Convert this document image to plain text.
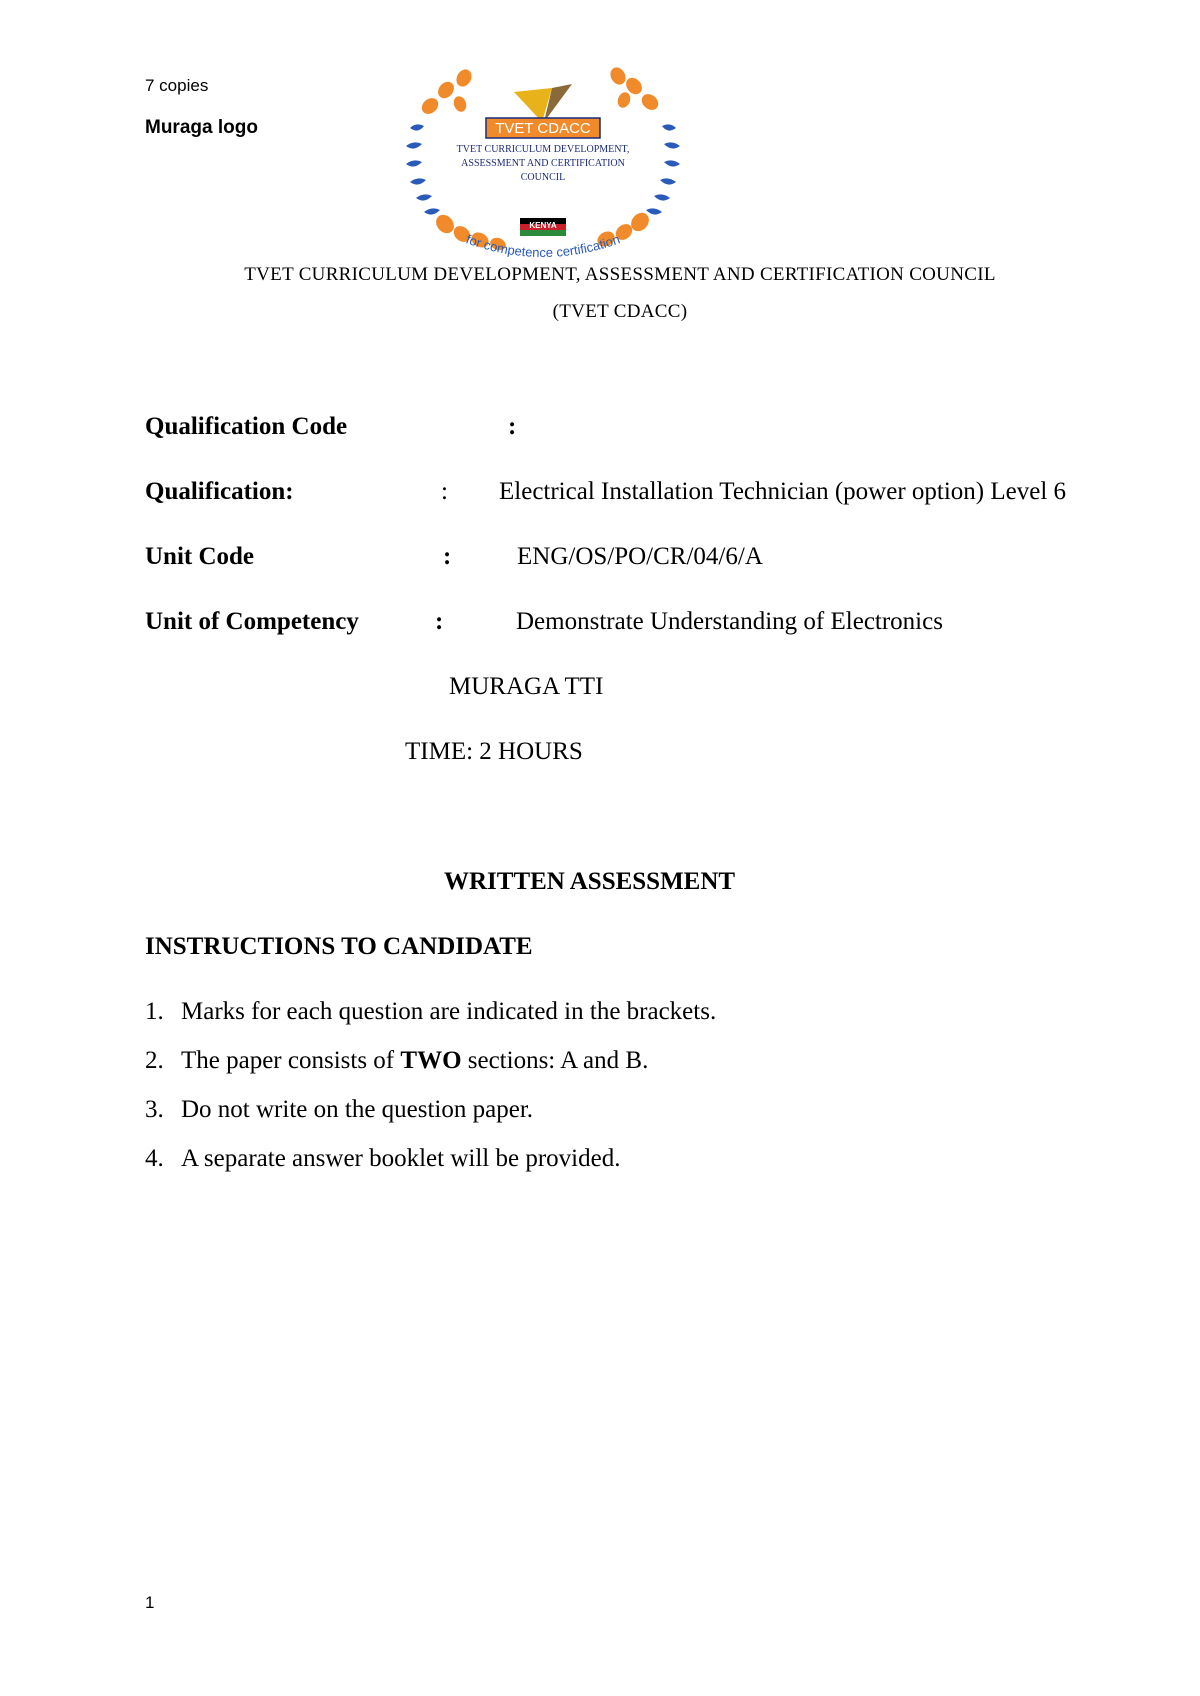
7 copies
Muraga logo	TVET CDACC
TVET CURRICULUM DEVELOPMENT,
ASSESSMENT AND CERTIFICATION
COUNCIL
KENYA
for competence certification
TVET CURRICULUM DEVELOPMENT, ASSESSMENT AND CERTIFICATION COUNCIL
(TVET CDACC)
Qualification Code	:
Qualification:	: Electrical Installation Technician (power option) Level 6
Unit Code	:	ENG/OS/PO/CR/04/6/A
Unit of Competency	:	Demonstrate Understanding of Electronics
MURAGA TTI
TIME: 2 HOURS
WRITTEN ASSESSMENT
INSTRUCTIONS TO CANDIDATE
1. Marks for each question are indicated in the brackets.
2. The paper consists of TWO sections: A and B.
3. Do not write on the question paper.
4. A separate answer booklet will be provided.
1
